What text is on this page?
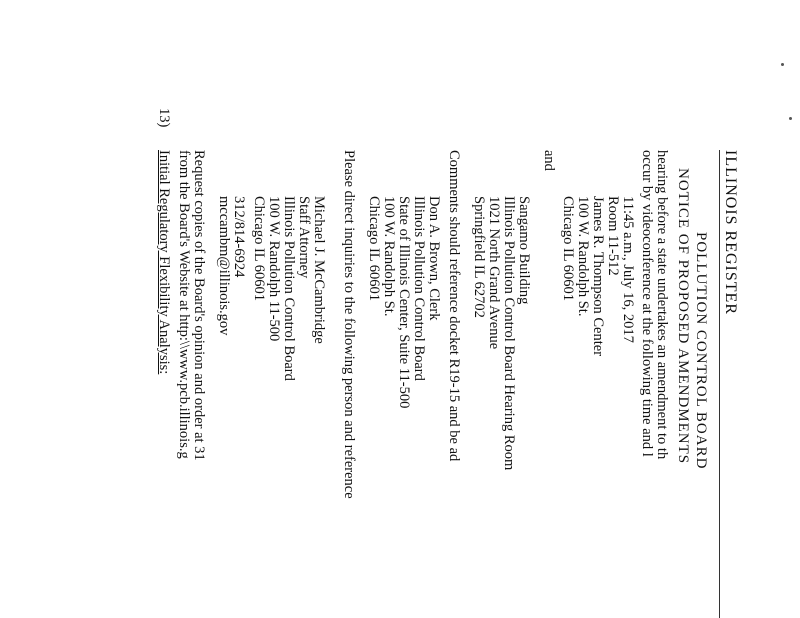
ILLINOIS REGISTER
POLLUTION CONTROL BOARD
NOTICE OF PROPOSED AMENDMENTS
hearing before a state undertakes an amendment to th
occur by videoconference at the following time and l
11:45 a.m., July 16, 2017
Room 11-512
James R. Thompson Center
100 W. Randolph St.
Chicago IL 60601
and
Sangamo Building
Illinois Pollution Control Board Hearing Room
1021 North Grand Avenue
Springfield IL 62702
Comments should reference docket R19-15 and be ad
Don A. Brown, Clerk
Illinois Pollution Control Board
State of Illinois Center, Suite 11-500
100 W. Randolph St.
Chicago IL 60601
Please direct inquiries to the following person and reference
Michael J. McCambridge
Staff Attorney
Illinois Pollution Control Board
100 W. Randolph 11-500
Chicago IL 60601
312/814-6924
mccambm@illinois.gov
Request copies of the Board's opinion and order at 31
from the Board's Website at http:\\www.pcb.illinois.g
13)
Initial Regulatory Flexibility Analysis:
